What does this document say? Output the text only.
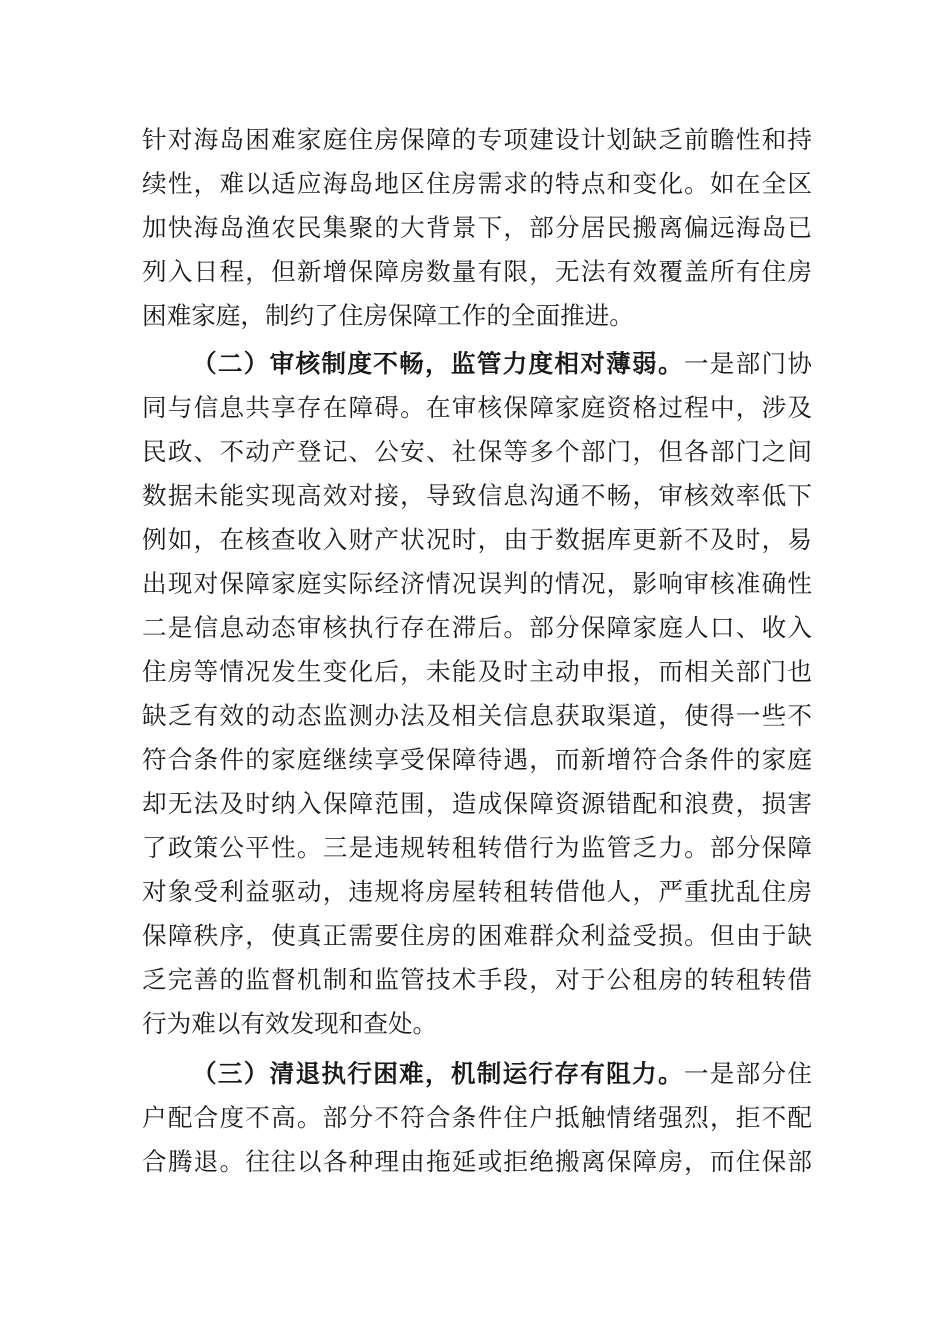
针对海岛困难家庭住房保障的专项建设计划缺乏前瞻性和持
续性，难以适应海岛地区住房需求的特点和变化。如在全区
加快海岛渔农民集聚的大背景下，部分居民搬离偏远海岛已
列入日程，但新增保障房数量有限，无法有效覆盖所有住房
困难家庭，制约了住房保障工作的全面推进。
（二）审核制度不畅，监管力度相对薄弱。一是部门协
同与信息共享存在障碍。在审核保障家庭资格过程中，涉及
民政、不动产登记、公安、社保等多个部门，但各部门之间
数据未能实现高效对接，导致信息沟通不畅，审核效率低下
例如，在核查收入财产状况时，由于数据库更新不及时，易
出现对保障家庭实际经济情况误判的情况，影响审核准确性
二是信息动态审核执行存在滞后。部分保障家庭人口、收入
住房等情况发生变化后，未能及时主动申报，而相关部门也
缺乏有效的动态监测办法及相关信息获取渠道，使得一些不
符合条件的家庭继续享受保障待遇，而新增符合条件的家庭
却无法及时纳入保障范围，造成保障资源错配和浪费，损害
了政策公平性。三是违规转租转借行为监管乏力。部分保障
对象受利益驱动，违规将房屋转租转借他人，严重扰乱住房
保障秩序，使真正需要住房的困难群众利益受损。但由于缺
乏完善的监督机制和监管技术手段，对于公租房的转租转借
行为难以有效发现和查处。
（三）清退执行困难，机制运行存有阻力。一是部分住
户配合度不高。部分不符合条件住户抵触情绪强烈，拒不配
合腾退。往往以各种理由拖延或拒绝搬离保障房，而住保部
